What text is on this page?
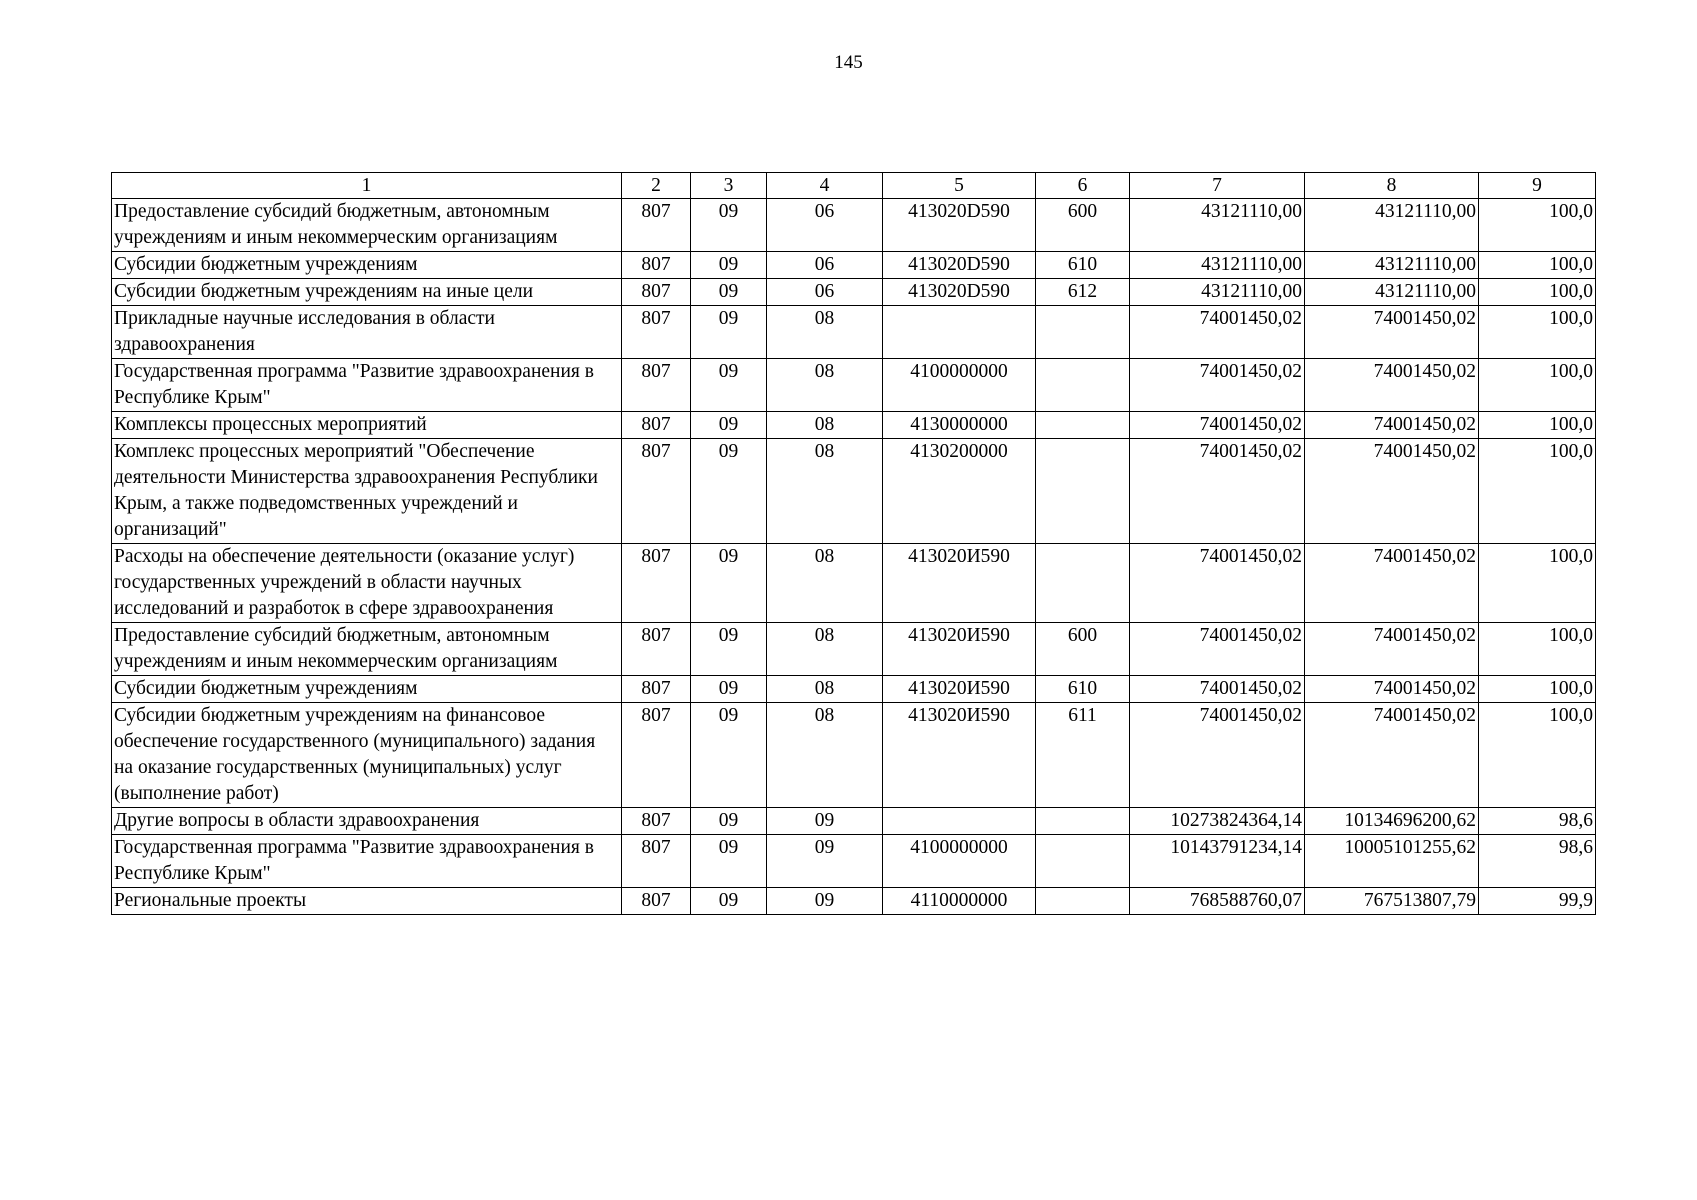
145
1	2	3	4	5	6	7	8	9
Предоставление субсидий бюджетным, автономным учреждениям и иным некоммерческим организациям	807	09	06	413020D590	600	43121110,00	43121110,00	100,0
Субсидии бюджетным учреждениям	807	09	06	413020D590	610	43121110,00	43121110,00	100,0
Субсидии бюджетным учреждениям на иные цели	807	09	06	413020D590	612	43121110,00	43121110,00	100,0
Прикладные научные исследования в области здравоохранения	807	09	08			74001450,02	74001450,02	100,0
Государственная программа "Развитие здравоохранения в Республике Крым"	807	09	08	4100000000		74001450,02	74001450,02	100,0
Комплексы процессных мероприятий	807	09	08	4130000000		74001450,02	74001450,02	100,0
Комплекс процессных мероприятий "Обеспечение деятельности Министерства здравоохранения Республики Крым, а также подведомственных учреждений и организаций"	807	09	08	4130200000		74001450,02	74001450,02	100,0
Расходы на обеспечение деятельности (оказание услуг) государственных учреждений в области научных исследований и разработок в сфере здравоохранения	807	09	08	413020И590		74001450,02	74001450,02	100,0
Предоставление субсидий бюджетным, автономным учреждениям и иным некоммерческим организациям	807	09	08	413020И590	600	74001450,02	74001450,02	100,0
Субсидии бюджетным учреждениям	807	09	08	413020И590	610	74001450,02	74001450,02	100,0
Субсидии бюджетным учреждениям на финансовое обеспечение государственного (муниципального) задания на оказание государственных (муниципальных) услуг (выполнение работ)	807	09	08	413020И590	611	74001450,02	74001450,02	100,0
Другие вопросы в области здравоохранения	807	09	09			10273824364,14	10134696200,62	98,6
Государственная программа "Развитие здравоохранения в Республике Крым"	807	09	09	4100000000		10143791234,14	10005101255,62	98,6
Региональные проекты	807	09	09	4110000000		768588760,07	767513807,79	99,9
